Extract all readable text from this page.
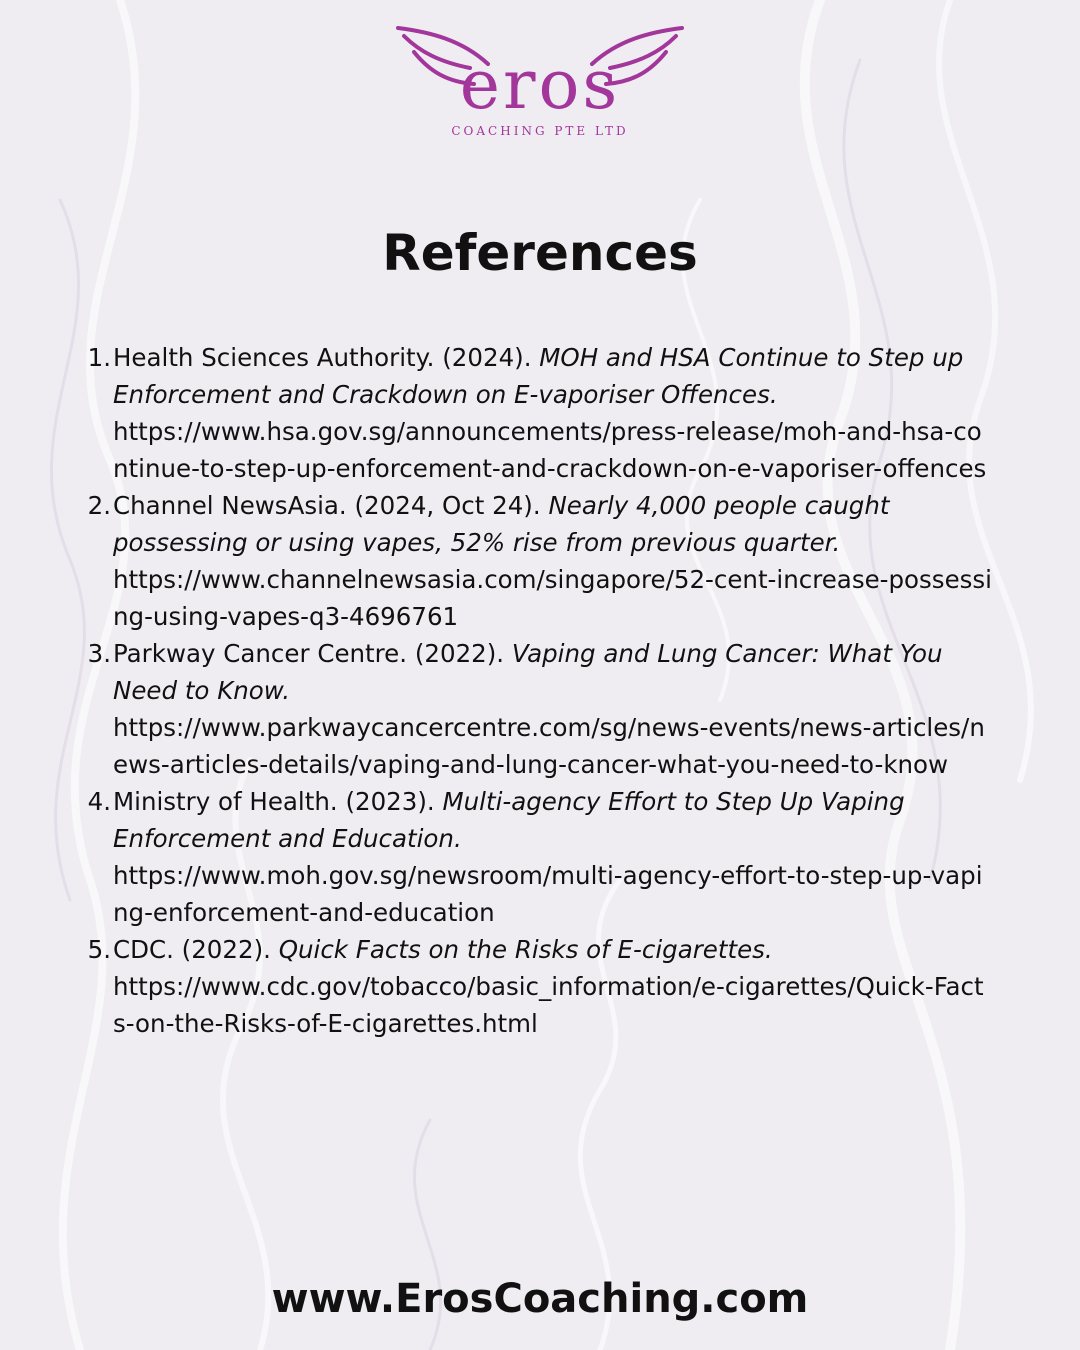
eros
COACHING PTE LTD
References
1. Health Sciences Authority. (2024). MOH and HSA Continue to Step up Enforcement and Crackdown on E-vaporiser Offences.
https://www.hsa.gov.sg/announcements/press-release/moh-and-hsa-continue-to-step-up-enforcement-and-crackdown-on-e-vaporiser-offences
2. Channel NewsAsia. (2024, Oct 24). Nearly 4,000 people caught possessing or using vapes, 52% rise from previous quarter.
https://www.channelnewsasia.com/singapore/52-cent-increase-possessing-using-vapes-q3-4696761
3. Parkway Cancer Centre. (2022). Vaping and Lung Cancer: What You Need to Know.
https://www.parkwaycancercentre.com/sg/news-events/news-articles/news-articles-details/vaping-and-lung-cancer-what-you-need-to-know
4. Ministry of Health. (2023). Multi-agency Effort to Step Up Vaping Enforcement and Education.
https://www.moh.gov.sg/newsroom/multi-agency-effort-to-step-up-vaping-enforcement-and-education
5. CDC. (2022). Quick Facts on the Risks of E-cigarettes.
https://www.cdc.gov/tobacco/basic_information/e-cigarettes/Quick-Facts-on-the-Risks-of-E-cigarettes.html
www.ErosCoaching.com
